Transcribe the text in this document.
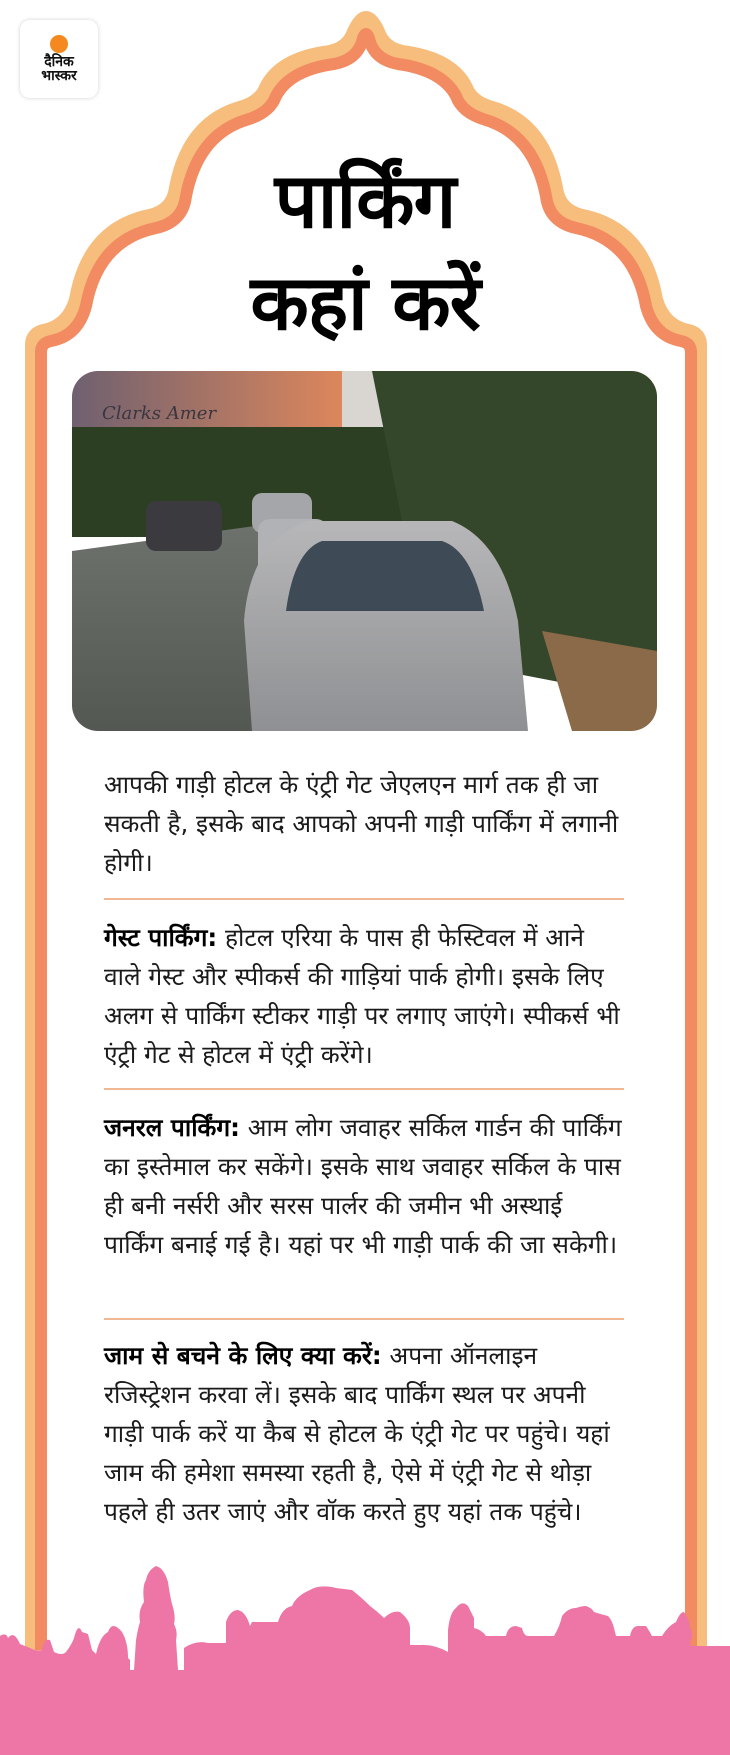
दैनिक
भास्कर
पार्किंग
कहां करें
Clarks Amer

आपकी गाड़ी होटल के एंट्री गेट जेएलएन मार्ग तक ही जा सकती है, इसके बाद आपको अपनी गाड़ी पार्किंग में लगानी होगी।

गेस्ट पार्किंग: होटल एरिया के पास ही फेस्टिवल में आने वाले गेस्ट और स्पीकर्स की गाड़ियां पार्क होगी। इसके लिए अलग से पार्किंग स्टीकर गाड़ी पर लगाए जाएंगे। स्पीकर्स भी एंट्री गेट से होटल में एंट्री करेंगे।

जनरल पार्किंग: आम लोग जवाहर सर्किल गार्डन की पार्किंग का इस्तेमाल कर सकेंगे। इसके साथ जवाहर सर्किल के पास ही बनी नर्सरी और सरस पार्लर की जमीन भी अस्थाई पार्किंग बनाई गई है। यहां पर भी गाड़ी पार्क की जा सकेगी।

जाम से बचने के लिए क्या करें: अपना ऑनलाइन रजिस्ट्रेशन करवा लें। इसके बाद पार्किंग स्थल पर अपनी गाड़ी पार्क करें या कैब से होटल के एंट्री गेट पर पहुंचे। यहां जाम की हमेशा समस्या रहती है, ऐसे में एंट्री गेट से थोड़ा पहले ही उतर जाएं और वॉक करते हुए यहां तक पहुंचे।
